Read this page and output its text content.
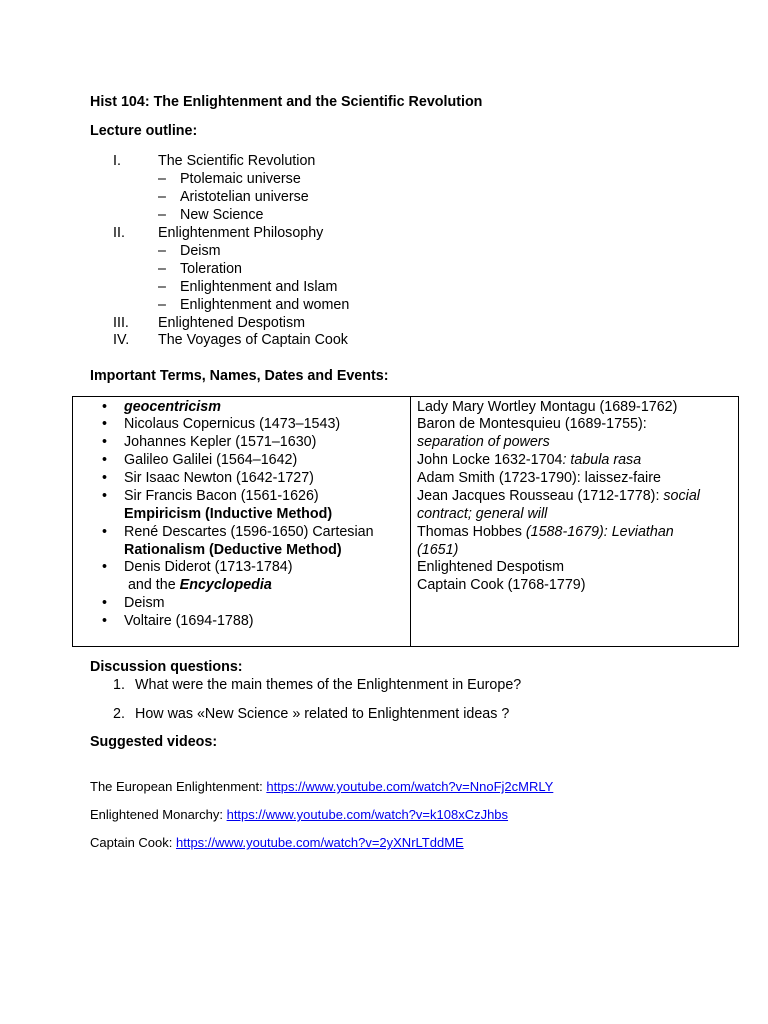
Hist 104: The Enlightenment and the Scientific Revolution
Lecture outline:
I.	The Scientific Revolution
– Ptolemaic universe
– Aristotelian universe
– New Science
II. Enlightenment Philosophy
– Deism
– Toleration
– Enlightenment and Islam
– Enlightenment and women
III. Enlightened Despotism
IV. The Voyages of Captain Cook
Important Terms, Names, Dates and Events:
• geocentricism
• Nicolaus Copernicus (1473–1543)
• Johannes Kepler (1571–1630)
• Galileo Galilei (1564–1642)
• Sir Isaac Newton (1642-1727)
• Sir Francis Bacon (1561-1626)
Empiricism (Inductive Method)
• René Descartes (1596-1650) Cartesian
Rationalism (Deductive Method)
• Denis Diderot (1713-1784)
and the Encyclopedia
• Deism
• Voltaire (1694-1788)
Lady Mary Wortley Montagu (1689-1762)
Baron de Montesquieu (1689-1755):
separation of powers
John Locke 1632-1704: tabula rasa
Adam Smith (1723-1790): laissez-faire
Jean Jacques Rousseau (1712-1778): social
contract; general will
Thomas Hobbes (1588-1679): Leviathan
(1651)
Enlightened Despotism
Captain Cook (1768-1779)
Discussion questions:
1. What were the main themes of the Enlightenment in Europe?
2. How was «New Science » related to Enlightenment ideas ?
Suggested videos:
The European Enlightenment: https://www.youtube.com/watch?v=NnoFj2cMRLY
Enlightened Monarchy: https://www.youtube.com/watch?v=k108xCzJhbs
Captain Cook: https://www.youtube.com/watch?v=2yXNrLTddME
